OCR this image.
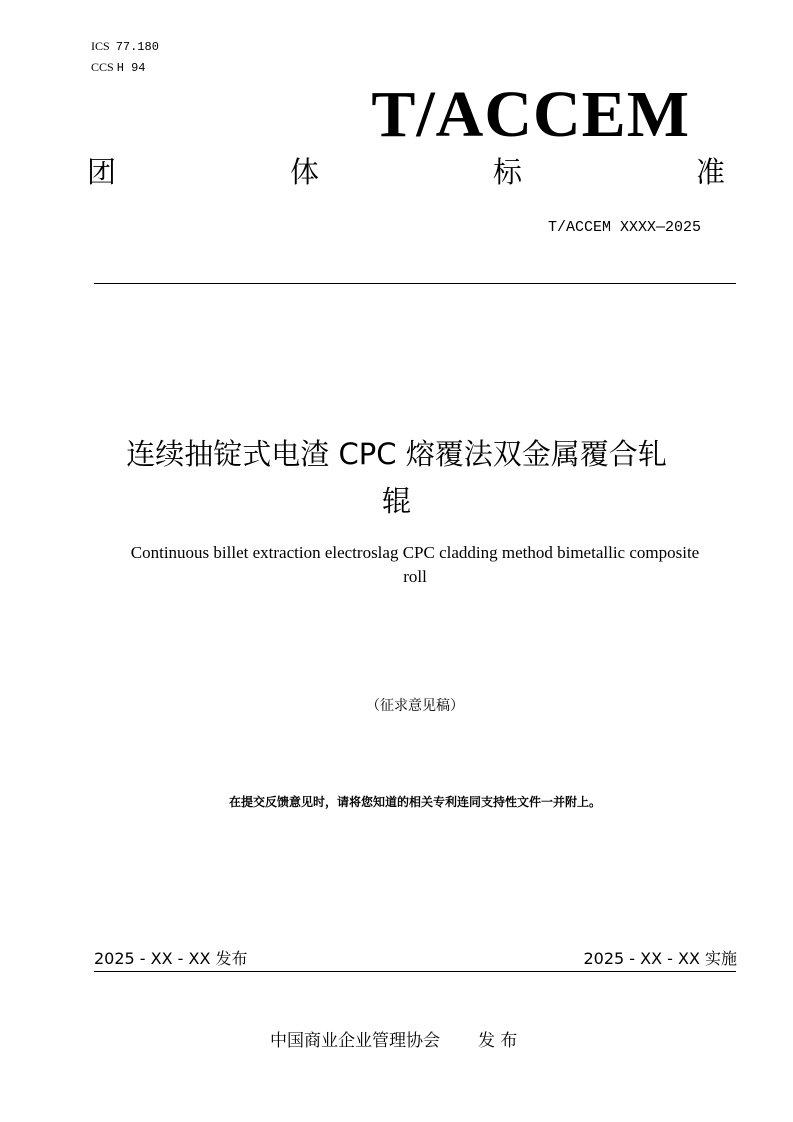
ICS 77.180
CCS H 94
T/ACCEM
团	体	标	准
T/ACCEM XXXX—2025
连续抽锭式电渣 CPC 熔覆法双金属覆合轧
辊
Continuous billet extraction electroslag CPC cladding method bimetallic composite
roll
（征求意见稿）
在提交反馈意见时，请将您知道的相关专利连同支持性文件一并附上。
2025 - XX - XX 发布	2025 - XX - XX 实施
中国商业企业管理协会 发 布
